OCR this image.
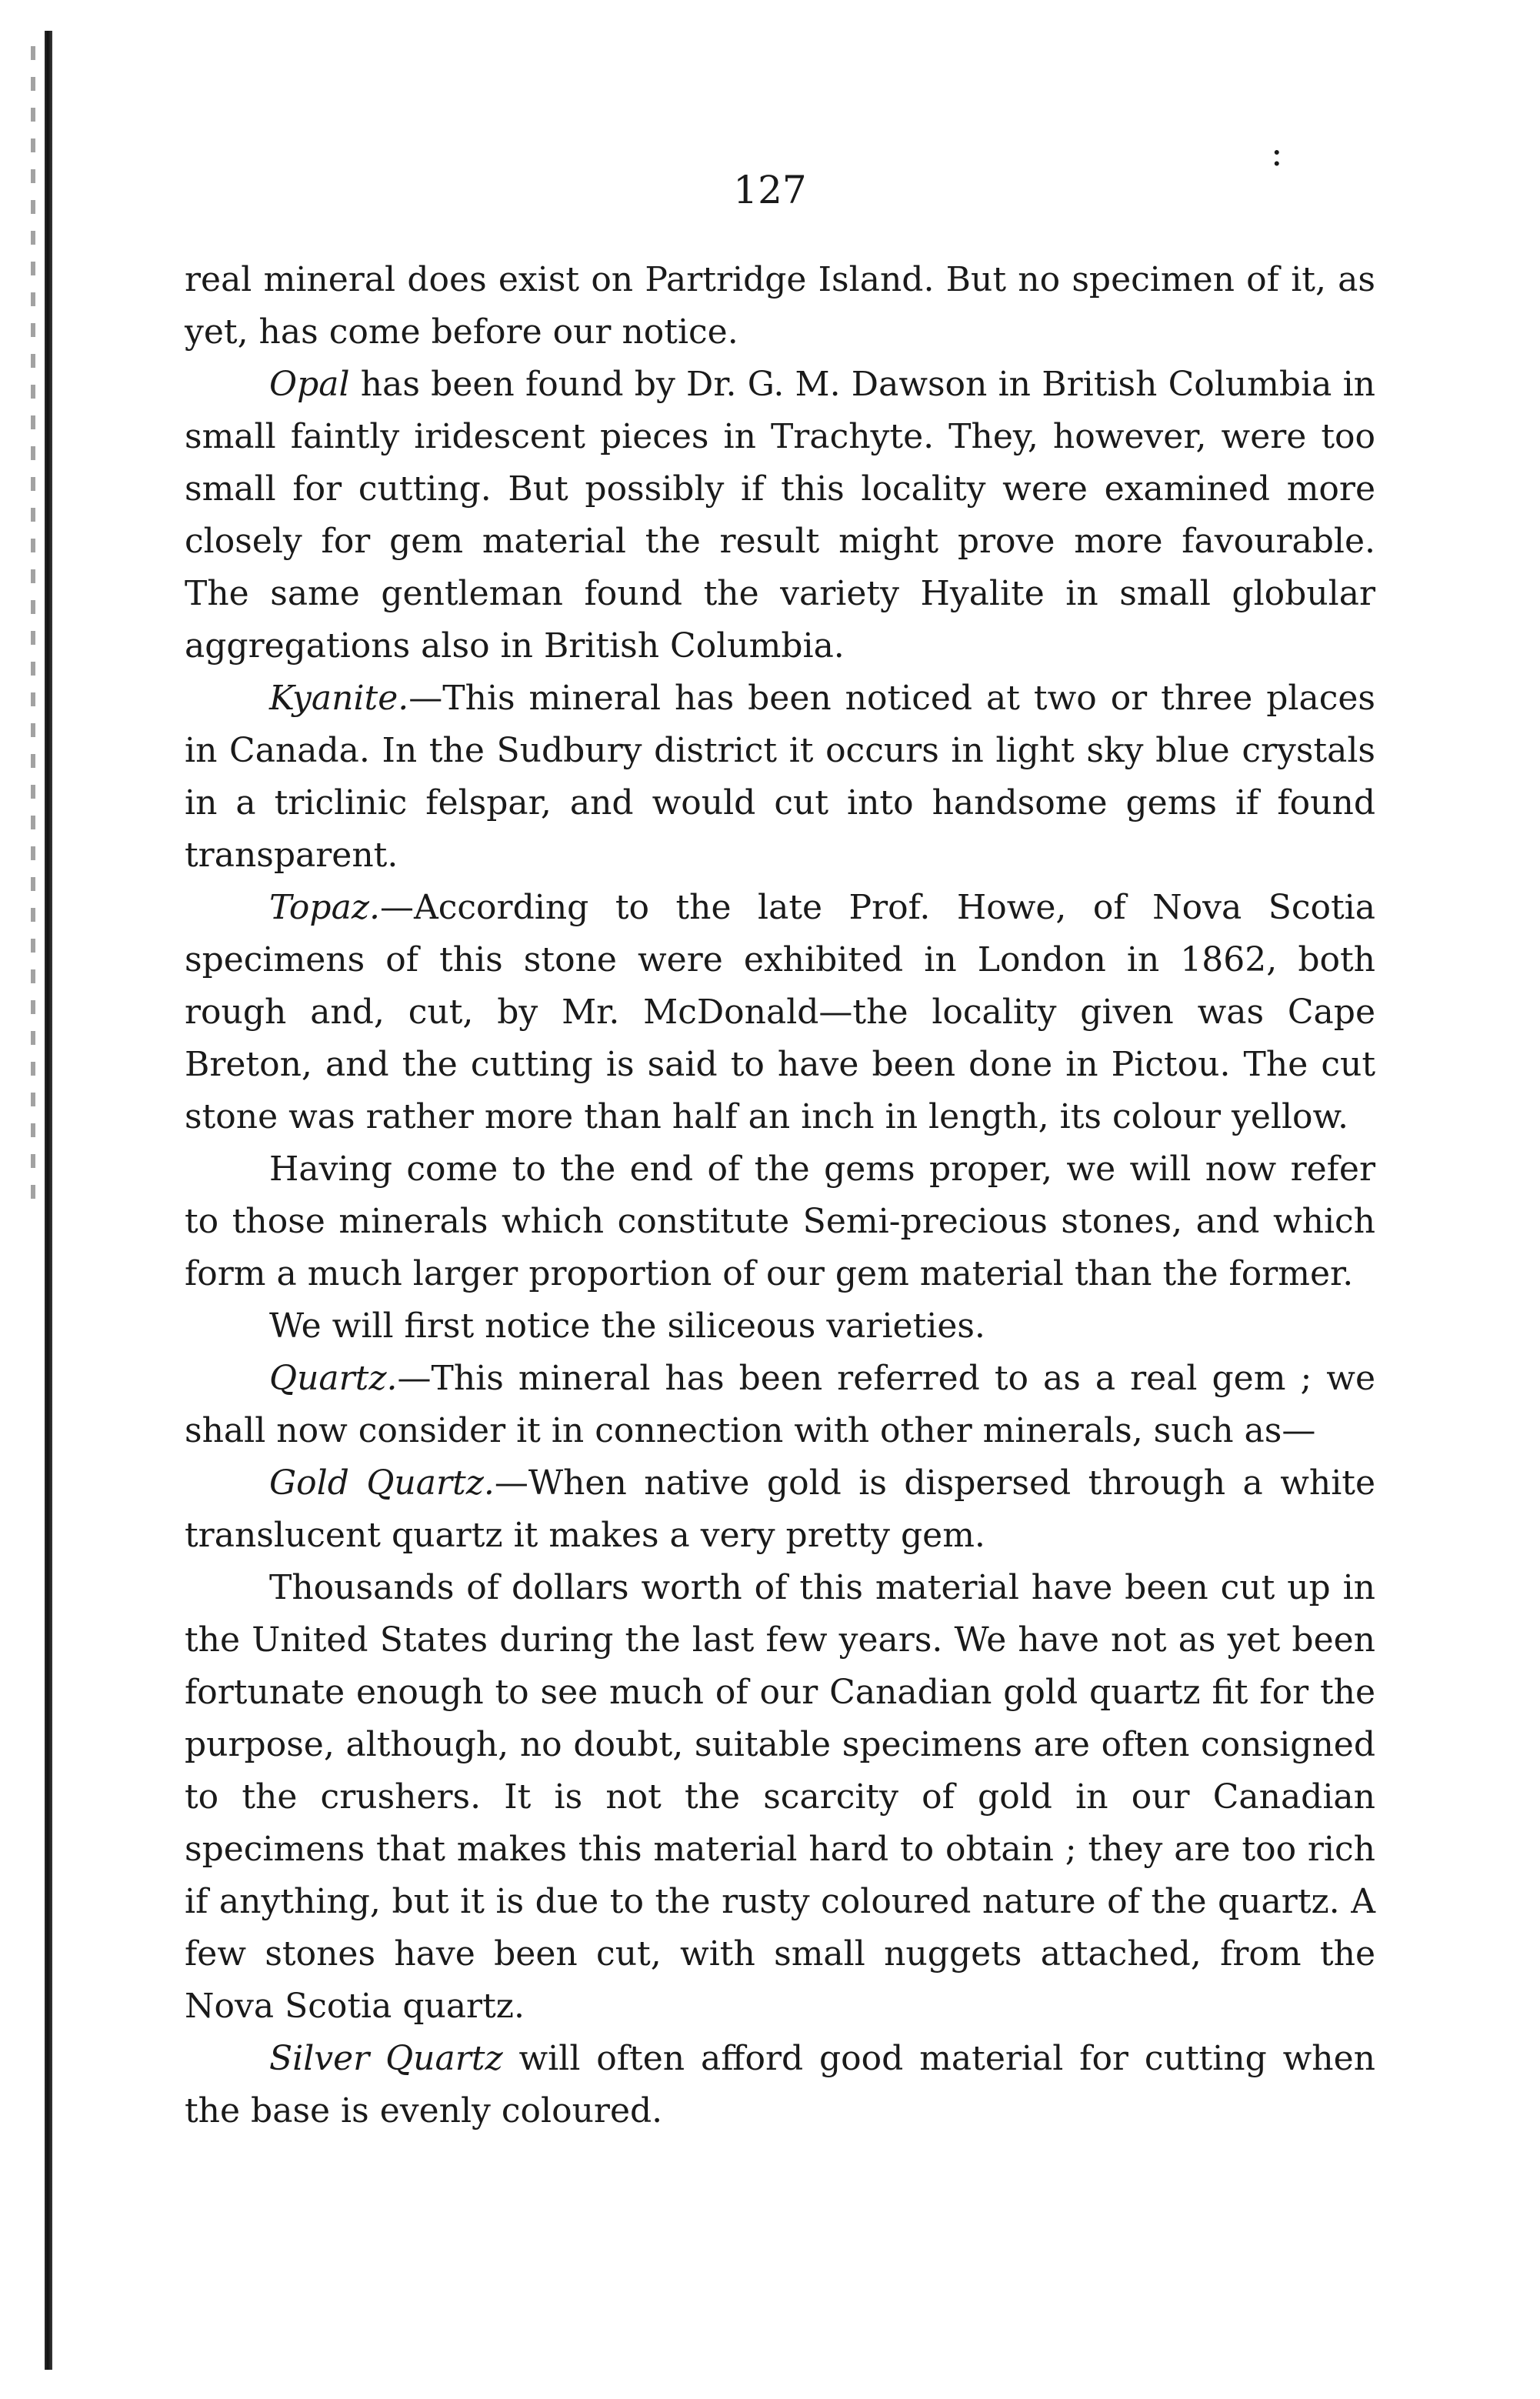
:
127

real mineral does exist on Partridge Island. But no specimen of it, as yet, has come before our notice.

Opal has been found by Dr. G. M. Dawson in British Columbia in small faintly iridescent pieces in Trachyte. They, however, were too small for cutting. But possibly if this locality were examined more closely for gem material the result might prove more favourable. The same gentleman found the variety Hyalite in small globular aggregations also in British Columbia.

Kyanite.—This mineral has been noticed at two or three places in Canada. In the Sudbury district it occurs in light sky blue crystals in a triclinic felspar, and would cut into handsome gems if found transparent.

Topaz.—According to the late Prof. Howe, of Nova Scotia specimens of this stone were exhibited in London in 1862, both rough and, cut, by Mr. McDonald—the locality given was Cape Breton, and the cutting is said to have been done in Pictou. The cut stone was rather more than half an inch in length, its colour yellow.

Having come to the end of the gems proper, we will now refer to those minerals which constitute Semi-precious stones, and which form a much larger proportion of our gem material than the former.

We will first notice the siliceous varieties.

Quartz.—This mineral has been referred to as a real gem ; we shall now consider it in connection with other minerals, such as—

Gold Quartz.—When native gold is dispersed through a white translucent quartz it makes a very pretty gem.

Thousands of dollars worth of this material have been cut up in the United States during the last few years. We have not as yet been fortunate enough to see much of our Canadian gold quartz fit for the purpose, although, no doubt, suitable specimens are often consigned to the crushers. It is not the scarcity of gold in our Canadian specimens that makes this material hard to obtain ; they are too rich if anything, but it is due to the rusty coloured nature of the quartz. A few stones have been cut, with small nuggets attached, from the Nova Scotia quartz.

Silver Quartz will often afford good material for cutting when the base is evenly coloured.
